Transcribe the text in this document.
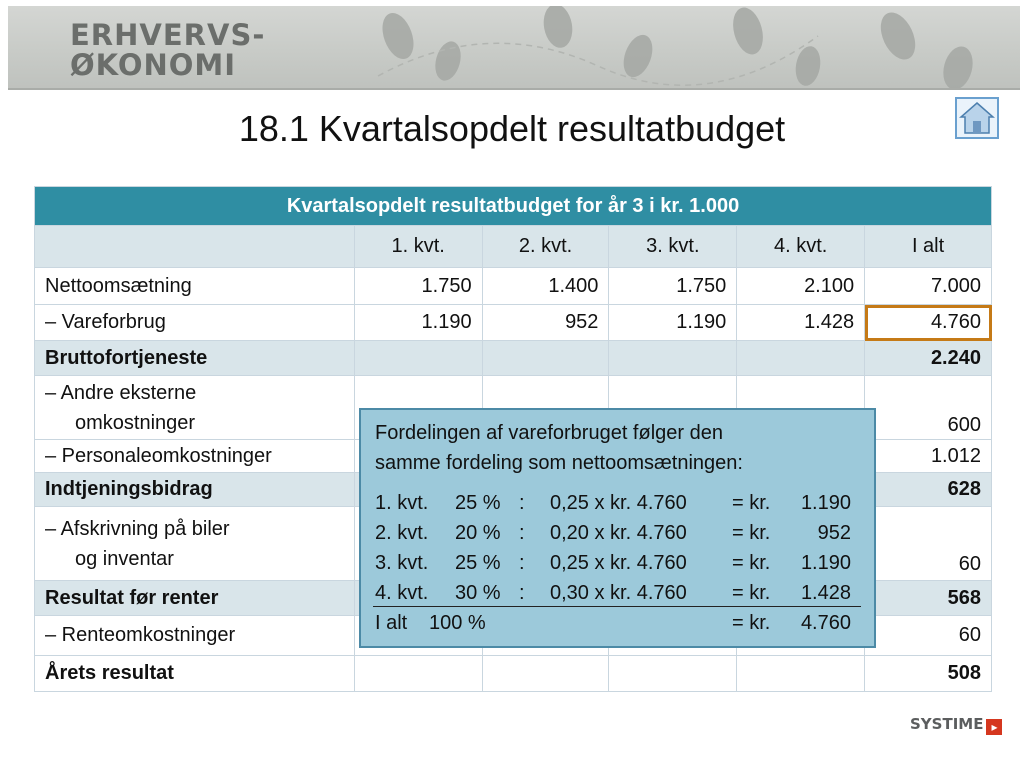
ERHVERVS-
ØKONOMI
18.1 Kvartalsopdelt resultatbudget
Kvartalsopdelt resultatbudget for år 3 i kr. 1.000					
	1. kvt.	2. kvt.	3. kvt.	4. kvt.	I alt
Nettoomsætning	1.750	1.400	1.750	2.100	7.000
– Vareforbrug	1.190	952	1.190	1.428	4.760
Bruttofortjeneste					2.240

– Andre eksterne
omkostninger					600
– Personaleomkostninger					1.012
Indtjeningsbidrag					628

– Afskrivning på biler
og inventar					60
Resultat før renter					568
– Renteomkostninger					60
Årets resultat					508
Fordelingen af vareforbruget følger den
samme fordeling som nettoomsætningen:
1. kvt. 25 % : 0,25 x kr. 4.760 = kr. 1.190
2. kvt. 20 % : 0,20 x kr. 4.760 = kr. 952
3. kvt. 25 % : 0,25 x kr. 4.760 = kr. 1.190
4. kvt. 30 % : 0,30 x kr. 4.760 = kr. 1.428
I alt 100 %	= kr. 4.760
SYSTIME ▸
